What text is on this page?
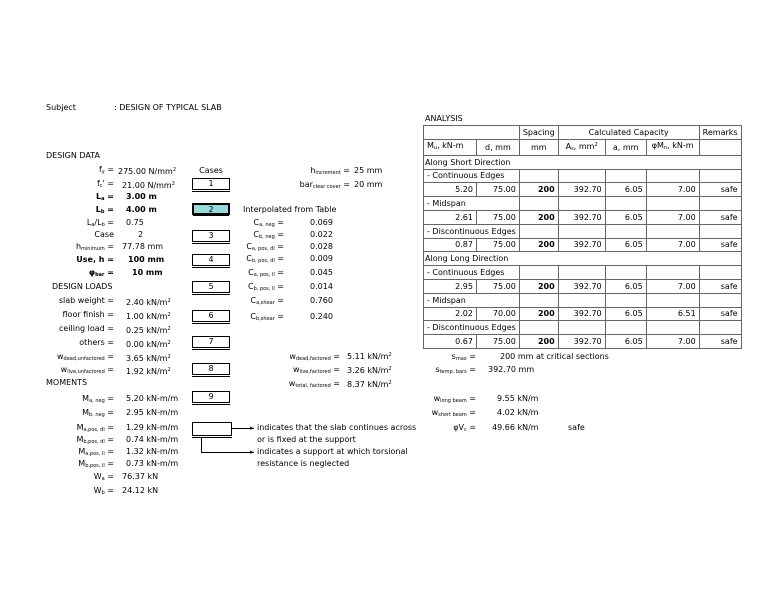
Subject	: DESIGN OF TYPICAL SLAB
DESIGN DATA
$f_y = 275.00$ $N/mm^2$
$f_c' = 21.00$ $N/mm^2$
$L_a = 3.00$ m
$L_b = 4.00$ m
$L_a/L_b = 0.75$
Case	2
$h_{minimum} = 77.78$ mm
Use, h = 100 mm
$\varphi_{bar} = 10$ mm
DESIGN LOADS
slab weight = 2.40 $kN/m^2$
floor finish = 1.00 $kN/m^2$
ceiling load = 0.25 $kN/m^2$
others = 0.00 $kN/m^2$
$w_{dead,unfactored} = 3.65$ $kN/m^2$
$w_{live,unfactored} = 1.92$ $kN/m^2$
MOMENTS
$M_{a, neg} = 5.20$ kN-m/m
$M_{b, neg} = 2.95$ kN-m/m
$M_{a,pos, dl} = 1.29$ kN-m/m
$M_{b,pos, dl} = 0.74$ kN-m/m
$M_{a,pos, ll} = 1.32$ kN-m/m
$M_{b,pos, ll} = 0.73$ kN-m/m
$W_a = 76.37$ kN
$W_b = 24.12$ kN
Cases
1
2
3
4
5
6
7
8
9
▸ indicates that the slab continues across
or is fixed at the support
▸ indicates a support at which torsional
resistance is neglected
$h_{increment} = 25$ mm
bar$_{clear cover}$ = 20 mm
Interpolated from Table
$C_{a, neg}$ =	0.069
$C_{b, neg}$ =	0.022
$C_{a, pos, dl}$ =	0.028
$C_{b, pos, dl}$ =	0.009
$C_{a, pos, ll}$ =	0.045
$C_{b, pos, ll}$ =	0.014
$C_{a,shear}$ =	0.760
$C_{b,shear}$ =	0.240
$w_{dead,factored} = 5.11$ $kN/m^2$
$w_{live,factored} = 3.26$ $kN/m^2$
$w_{total, factored} = 8.37$ $kN/m^2$
ANALYSIS
		Spacing	Calculated Capacity			Remarks
$M_u$, kN-m	d, mm	mm	$A_s$, $mm^2$	a, mm	$\varphi M_n$, kN-m	
Along Short Direction						
- Continuous Edges						
5.20	75.00	200	392.70	6.05	7.00	safe
- Midspan						
2.61	75.00	200	392.70	6.05	7.00	safe
- Discontinuous Edges						
0.87	75.00	200	392.70	6.05	7.00	safe
Along Long Direction						
- Continuous Edges						
2.95	75.00	200	392.70	6.05	7.00	safe
- Midspan						
2.02	70.00	200	392.70	6.05	6.51	safe
- Discontinuous Edges						
0.67	75.00	200	392.70	6.05	7.00	safe
$s_{max}$ =	200 mm at critical sections
$s_{temp. bars} = 392.70$ mm
$w_{long beam}$ =	9.55 kN/m
$w_{short beam}$ =	4.02 kN/m
$\varphi V_c = 49.66$ kN/m	safe
